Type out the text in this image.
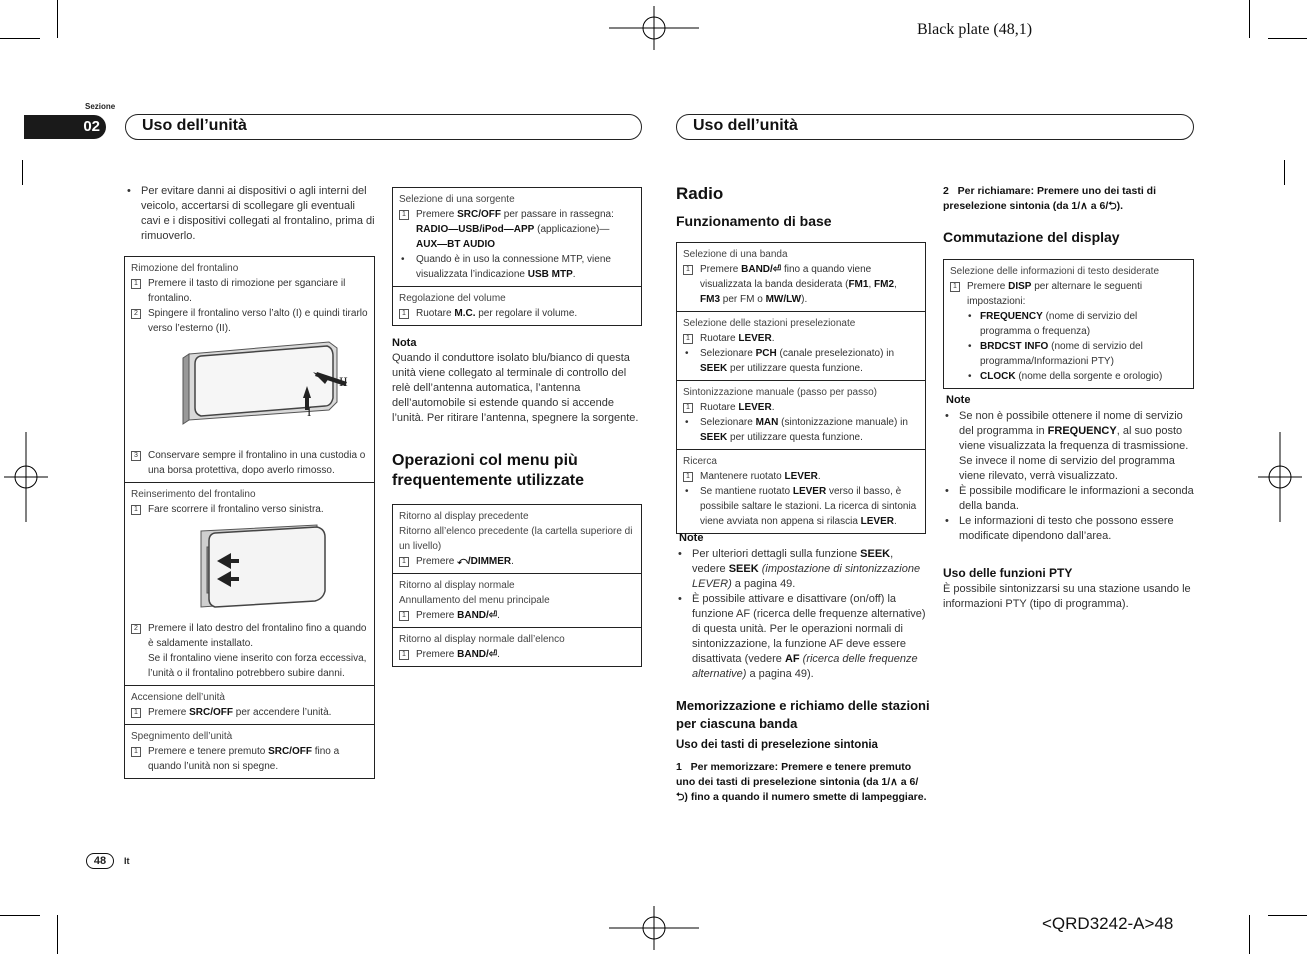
Black plate (48,1)
<QRD3242-A>48
Sezione
02	Uso dell’unità	Uso dell’unità
• Per evitare danni ai dispositivi o agli interni del veicolo, accertarsi di scollegare gli eventuali cavi e i dispositivi collegati al frontalino, prima di rimuoverlo.
Rimozione del frontalino
1	Premere il tasto di rimozione per sganciare il frontalino.
2	Spingere il frontalino verso l’alto (I) e quindi tirarlo verso l’esterno (II).
II
I
3	Conservare sempre il frontalino in una custodia o una borsa protettiva, dopo averlo rimosso.
Reinserimento del frontalino
1	Fare scorrere il frontalino verso sinistra.
2	Premere il lato destro del frontalino fino a quando è saldamente installato.
Se il frontalino viene inserito con forza eccessiva, l’unità o il frontalino potrebbero subire danni.
Accensione dell’unità
1	Premere SRC/OFF per accendere l’unità.
Spegnimento dell’unità
1	Premere e tenere premuto SRC/OFF fino a quando l’unità non si spegne.
48	It
Selezione di una sorgente
1	Premere SRC/OFF per passare in rassegna:
RADIO—USB/iPod—APP (applicazione)—
AUX—BT AUDIO
• Quando è in uso la connessione MTP, viene visualizzata l’indicazione USB MTP.
Regolazione del volume
1	Ruotare M.C. per regolare il volume.
Nota
Quando il conduttore isolato blu/bianco di questa unità viene collegato al terminale di controllo del relè dell’antenna automatica, l’antenna dell’automobile si estende quando si accende l’unità. Per ritirare l’antenna, spegnere la sorgente.
Operazioni col menu più frequentemente utilizzate
Ritorno al display precedente
Ritorno all’elenco precedente (la cartella superiore di un livello)
1	Premere ⤺/DIMMER.
Ritorno al display normale
Annullamento del menu principale
1	Premere BAND/⏎.
Ritorno al display normale dall’elenco
1	Premere BAND/⏎.
Radio
Funzionamento di base
Selezione di una banda
1	Premere BAND/⏎ fino a quando viene visualizzata la banda desiderata (FM1, FM2, FM3 per FM o MW/LW).
Selezione delle stazioni preselezionate
1	Ruotare LEVER.
• Selezionare PCH (canale preselezionato) in SEEK per utilizzare questa funzione.
Sintonizzazione manuale (passo per passo)
1	Ruotare LEVER.
• Selezionare MAN (sintonizzazione manuale) in SEEK per utilizzare questa funzione.
Ricerca
1	Mantenere ruotato LEVER.
• Se mantiene ruotato LEVER verso il basso, è possibile saltare le stazioni. La ricerca di sintonia viene avviata non appena si rilascia LEVER.
Note
• Per ulteriori dettagli sulla funzione SEEK, vedere SEEK (impostazione di sintonizzazione LEVER) a pagina 49.
• È possibile attivare e disattivare (on/off) la funzione AF (ricerca delle frequenze alternative) di questa unità. Per le operazioni normali di sintonizzazione, la funzione AF deve essere disattivata (vedere AF (ricerca delle frequenze alternative) a pagina 49).
Memorizzazione e richiamo delle stazioni per ciascuna banda
Uso dei tasti di preselezione sintonia
1 Per memorizzare: Premere e tenere premuto uno dei tasti di preselezione sintonia (da 1/∧ a 6/⮌) fino a quando il numero smette di lampeggiare.
2 Per richiamare: Premere uno dei tasti di preselezione sintonia (da 1/∧ a 6/⮌).
Commutazione del display
Selezione delle informazioni di testo desiderate
1	Premere DISP per alternare le seguenti impostazioni:
• FREQUENCY (nome di servizio del programma o frequenza)
• BRDCST INFO (nome di servizio del programma/Informazioni PTY)
• CLOCK (nome della sorgente e orologio)
Note
• Se non è possibile ottenere il nome di servizio del programma in FREQUENCY, al suo posto viene visualizzata la frequenza di trasmissione. Se invece il nome di servizio del programma viene rilevato, verrà visualizzato.
• È possibile modificare le informazioni a seconda della banda.
• Le informazioni di testo che possono essere modificate dipendono dall’area.
Uso delle funzioni PTY
È possibile sintonizzarsi su una stazione usando le informazioni PTY (tipo di programma).
